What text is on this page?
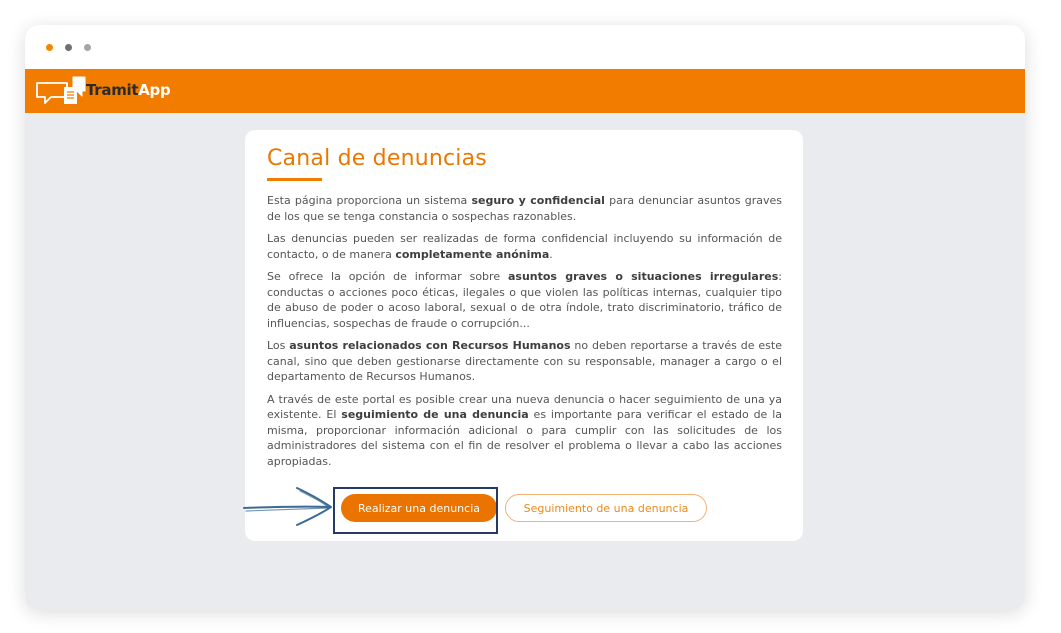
TramitApp
Canal de denuncias

Esta página proporciona un sistema seguro y confidencial para denunciar asuntos graves de los que se tenga constancia o sospechas razonables.

Las denuncias pueden ser realizadas de forma confidencial incluyendo su información de contacto, o de manera completamente anónima.

Se ofrece la opción de informar sobre asuntos graves o situaciones irregulares: conductas o acciones poco éticas, ilegales o que violen las políticas internas, cualquier tipo de abuso de poder o acoso laboral, sexual o de otra índole, trato discriminatorio, tráfico de influencias, sospechas de fraude o corrupción...

Los asuntos relacionados con Recursos Humanos no deben reportarse a través de este canal, sino que deben gestionarse directamente con su responsable, manager a cargo o el departamento de Recursos Humanos.

A través de este portal es posible crear una nueva denuncia o hacer seguimiento de una ya existente. El seguimiento de una denuncia es importante para verificar el estado de la misma, proporcionar información adicional o para cumplir con las solicitudes de los administradores del sistema con el fin de resolver el problema o llevar a cabo las acciones apropiadas.

Realizar una denuncia	Seguimiento de una denuncia
